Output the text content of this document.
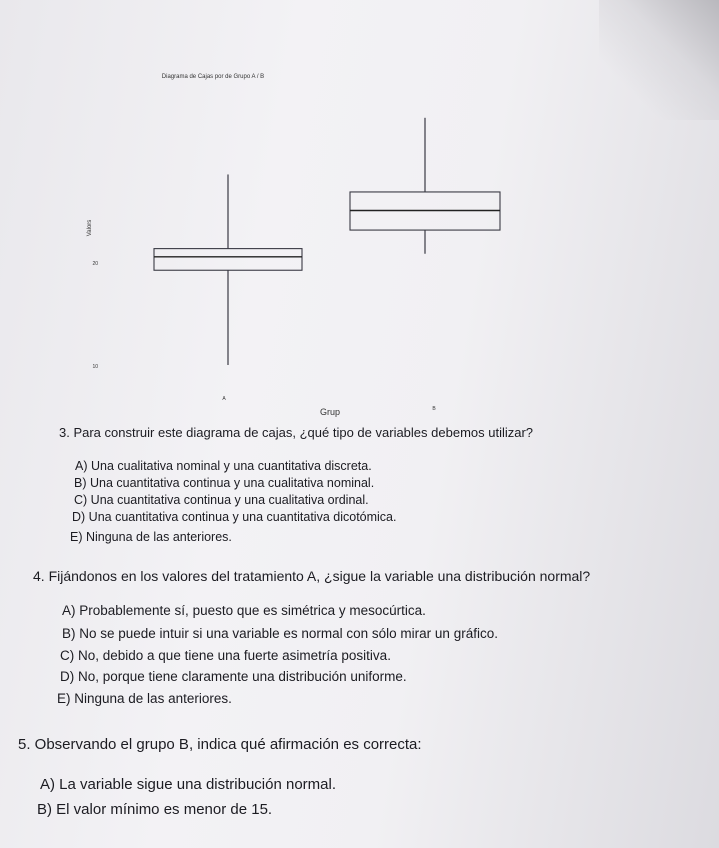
Diagrama de Cajas por de Grupo A / B
Valors
Grup
10
20
A
B
3. Para construir este diagrama de cajas, ¿qué tipo de variables debemos utilizar?
A) Una cualitativa nominal y una cuantitativa discreta.
B) Una cuantitativa continua y una cualitativa nominal.
C) Una cuantitativa continua y una cualitativa ordinal.
D) Una cuantitativa continua y una cuantitativa dicotómica.
E) Ninguna de las anteriores.
4. Fijándonos en los valores del tratamiento A, ¿sigue la variable una distribución normal?
A) Probablemente sí, puesto que es simétrica y mesocúrtica.
B) No se puede intuir si una variable es normal con sólo mirar un gráfico.
C) No, debido a que tiene una fuerte asimetría positiva.
D) No, porque tiene claramente una distribución uniforme.
E) Ninguna de las anteriores.
5. Observando el grupo B, indica qué afirmación es correcta:
A) La variable sigue una distribución normal.
B) El valor mínimo es menor de 15.
